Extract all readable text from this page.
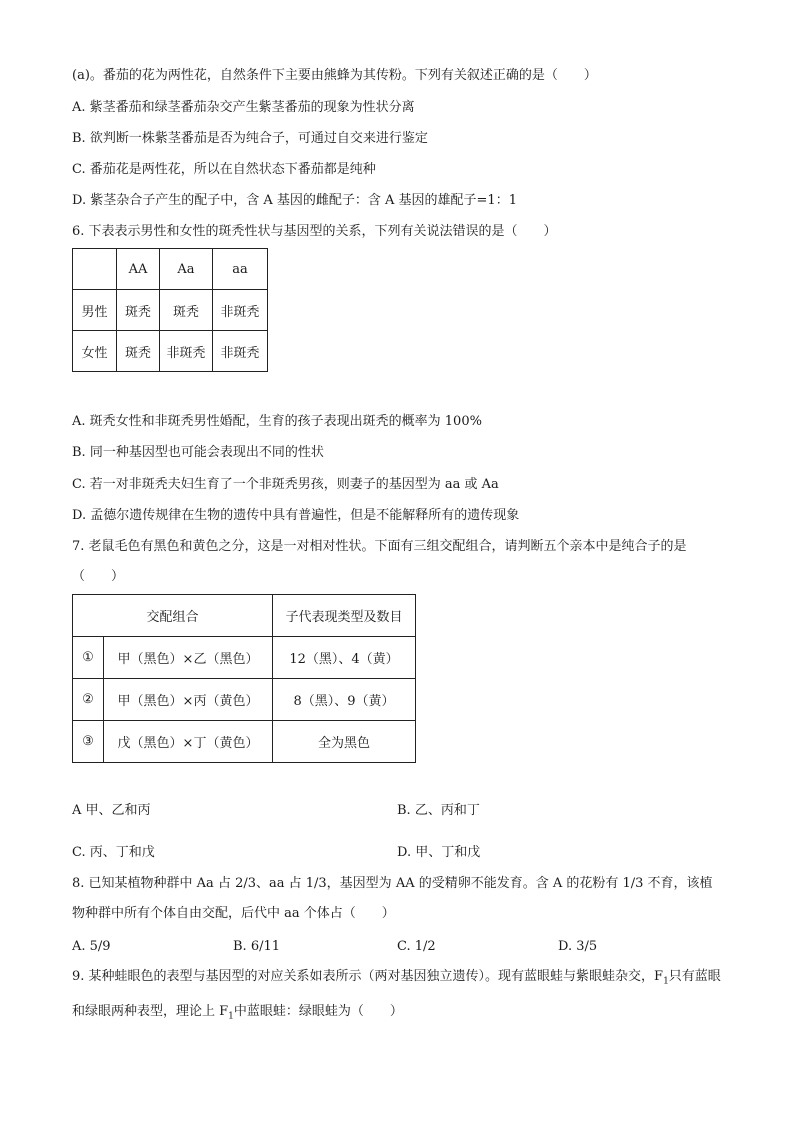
(a)。番茄的花为两性花，自然条件下主要由熊蜂为其传粉。下列有关叙述正确的是（　　）
A. 紫茎番茄和绿茎番茄杂交产生紫茎番茄的现象为性状分离
B. 欲判断一株紫茎番茄是否为纯合子，可通过自交来进行鉴定
C. 番茄花是两性花，所以在自然状态下番茄都是纯种
D. 紫茎杂合子产生的配子中，含 A 基因的雌配子：含 A 基因的雄配子=1：1
6. 下表表示男性和女性的斑秃性状与基因型的关系，下列有关说法错误的是（　　）
	AA	Aa	aa
男性	斑秃	斑秃	非斑秃
女性	斑秃	非斑秃	非斑秃
A. 斑秃女性和非斑秃男性婚配，生育的孩子表现出斑秃的概率为 100%
B. 同一种基因型也可能会表现出不同的性状
C. 若一对非斑秃夫妇生育了一个非斑秃男孩，则妻子的基因型为 aa 或 Aa
D. 孟德尔遗传规律在生物的遗传中具有普遍性，但是不能解释所有的遗传现象
7. 老鼠毛色有黑色和黄色之分，这是一对相对性状。下面有三组交配组合，请判断五个亲本中是纯合子的是（　　）
交配组合		子代表现类型及数目
①	甲（黑色）×乙（黑色）	12（黑）、4（黄）
②	甲（黑色）×丙（黄色）	8（黑）、9（黄）
③	戊（黑色）×丁（黄色）	全为黑色
A 甲、乙和丙	B. 乙、丙和丁
C. 丙、丁和戊	D. 甲、丁和戊
8. 已知某植物种群中 Aa 占 2/3、aa 占 1/3，基因型为 AA 的受精卵不能发育。含 A 的花粉有 1/3 不育，该植物种群中所有个体自由交配，后代中 aa 个体占（　　）
A. 5/9	B. 6/11	C. 1/2	D. 3/5
9. 某种蛙眼色的表型与基因型的对应关系如表所示（两对基因独立遗传）。现有蓝眼蛙与紫眼蛙杂交，$F_1$只有蓝眼和绿眼两种表型，理论上 $F_1$中蓝眼蛙：绿眼蛙为（　　）
